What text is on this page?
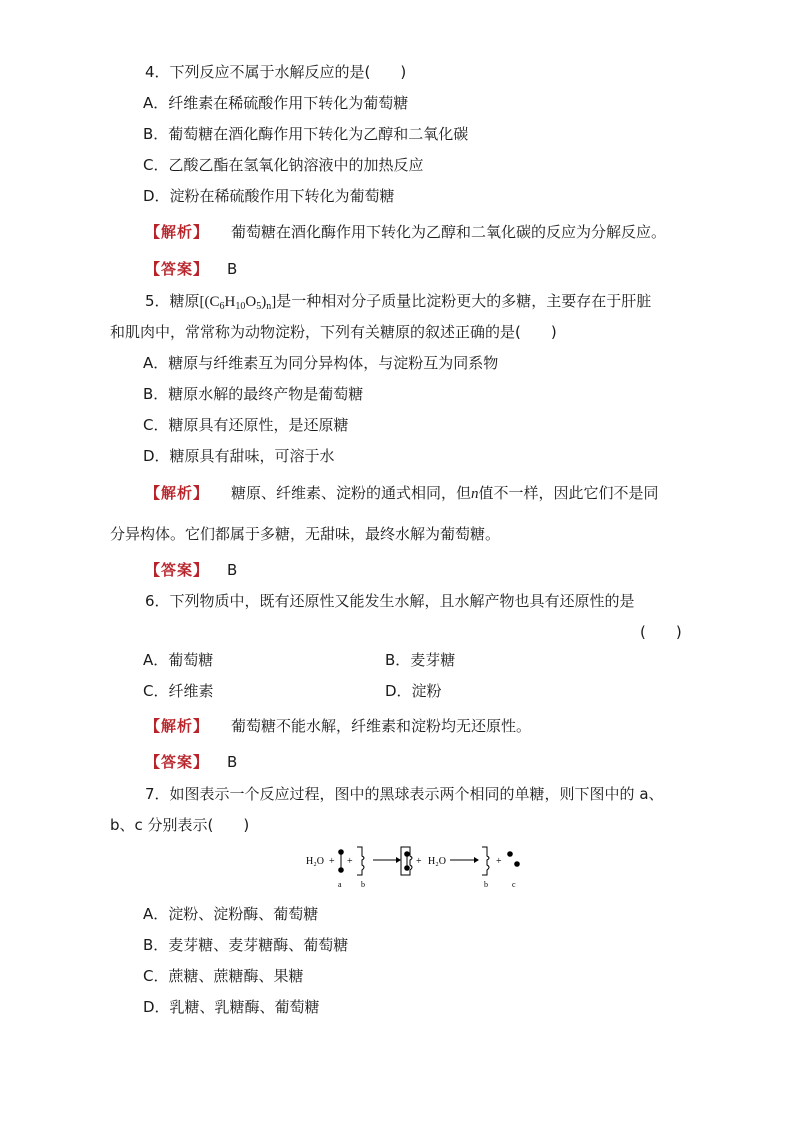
4．下列反应不属于水解反应的是(　　)
A．纤维素在稀硫酸作用下转化为葡萄糖
B．葡萄糖在酒化酶作用下转化为乙醇和二氧化碳
C．乙酸乙酯在氢氧化钠溶液中的加热反应
D．淀粉在稀硫酸作用下转化为葡萄糖
【解析】 葡萄糖在酒化酶作用下转化为乙醇和二氧化碳的反应为分解反应。
【答案】 B
5．糖原$[(C_6H_{10}O_5)_n]$是一种相对分子质量比淀粉更大的多糖，主要存在于肝脏
和肌肉中，常常称为动物淀粉，下列有关糖原的叙述正确的是(　　)
A．糖原与纤维素互为同分异构体，与淀粉互为同系物
B．糖原水解的最终产物是葡萄糖
C．糖原具有还原性，是还原糖
D．糖原具有甜味，可溶于水
【解析】 糖原、纤维素、淀粉的通式相同，但n值不一样，因此它们不是同
分异构体。它们都属于多糖，无甜味，最终水解为葡萄糖。
【答案】 B
6．下列物质中，既有还原性又能发生水解，且水解产物也具有还原性的是
(　　)
A．葡萄糖	B．麦芽糖
C．纤维素	D．淀粉
【解析】 葡萄糖不能水解，纤维素和淀粉均无还原性。
【答案】 B
7．如图表示一个反应过程，图中的黑球表示两个相同的单糖，则下图中的 a、
b、c 分别表示(　　)
H₂O +
a
+
b
+ H₂O
b
+
c
A．淀粉、淀粉酶、葡萄糖
B．麦芽糖、麦芽糖酶、葡萄糖
C．蔗糖、蔗糖酶、果糖
D．乳糖、乳糖酶、葡萄糖
